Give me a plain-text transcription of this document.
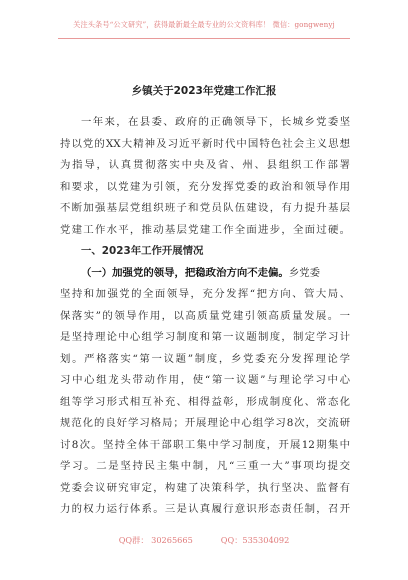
关注头条号“公文研究”，获得最新最全最专业的公文资料库！ 微信：gongwenyj
乡镇关于2023年党建工作汇报
一年来，在县委、政府的正确领导下，长城乡党委坚
持以党的XX大精神及习近平新时代中国特色社会主义思想
为指导，认真贯彻落实中央及省、州、县组织工作部署
和要求，以党建为引领，充分发挥党委的政治和领导作用
不断加强基层党组织班子和党员队伍建设，有力提升基层
党建工作水平，推动基层党建工作全面进步，全面过硬。
一、2023年工作开展情况
（一）加强党的领导，把稳政治方向不走偏。乡党委
坚持和加强党的全面领导，充分发挥“把方向、管大局、
保落实”的领导作用，以高质量党建引领高质量发展。一
是坚持理论中心组学习制度和第一议题制度，制定学习计
划。严格落实“第一议题”制度，乡党委充分发挥理论学
习中心组龙头带动作用，使“第一议题”与理论学习中心
组等学习形式相互补充、相得益彰，形成制度化、常态化
规范化的良好学习格局；开展理论中心组学习8次，交流研
讨8次。坚持全体干部职工集中学习制度，开展12期集中
学习。二是坚持民主集中制，凡“三重一大”事项均提交
党委会议研究审定，构建了决策科学，执行坚决、监督有
力的权力运行体系。三是认真履行意识形态责任制，召开
QQ群： 30265665	QQ：535304092
